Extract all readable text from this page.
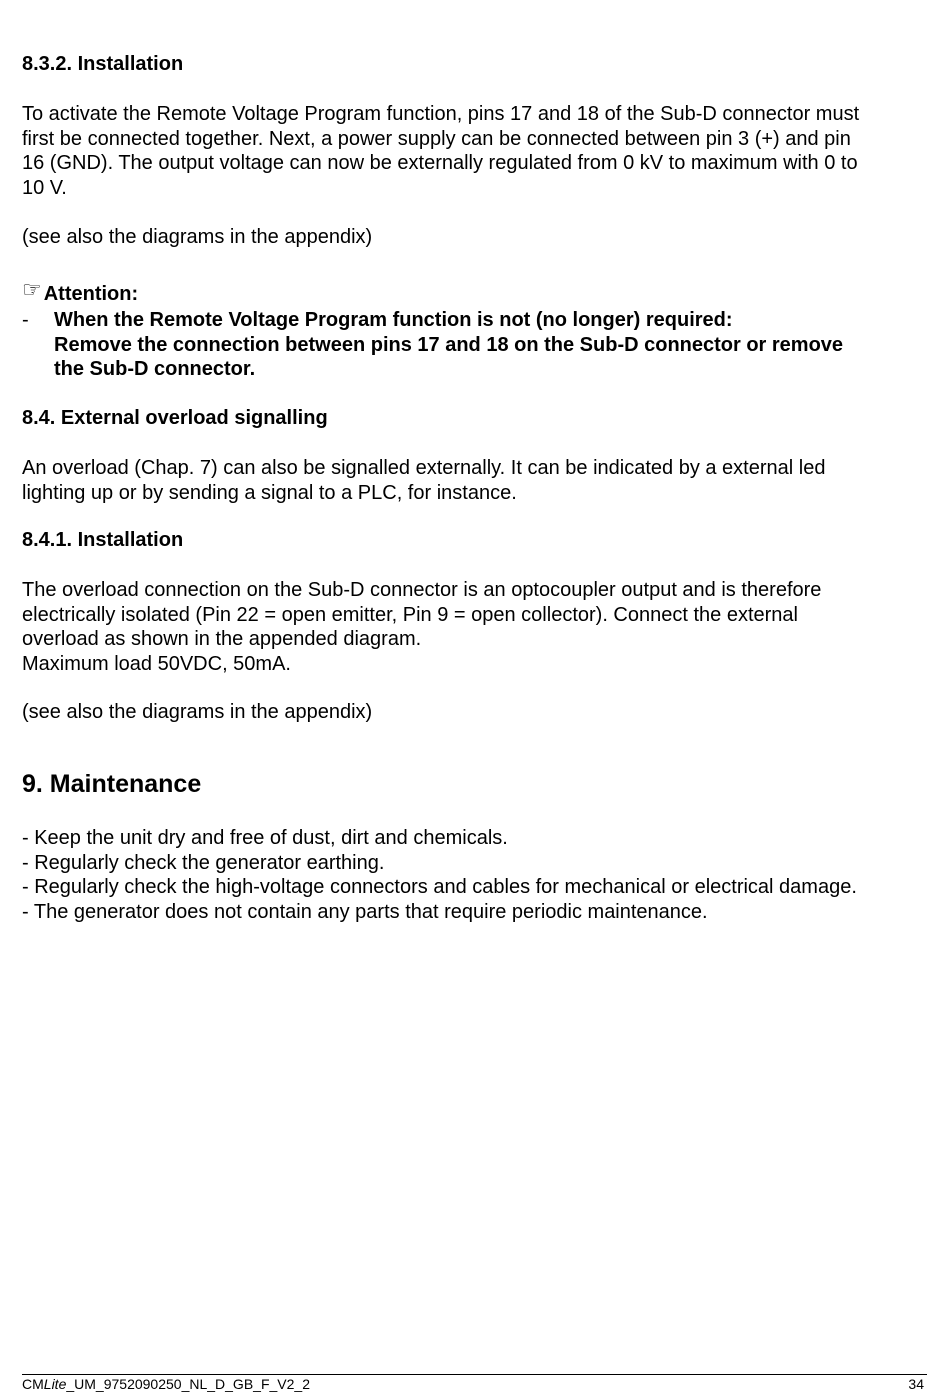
8.3.2. Installation
To activate the Remote Voltage Program function, pins 17 and 18 of the Sub-D connector must
first be connected together. Next, a power supply can be connected between pin 3 (+) and pin
16 (GND). The output voltage can now be externally regulated from 0 kV to maximum with 0 to
10 V.
(see also the diagrams in the appendix)
☞ Attention:
- When the Remote Voltage Program function is not (no longer) required:
Remove the connection between pins 17 and 18 on the Sub-D connector or remove
the Sub-D connector.
8.4. External overload signalling
An overload (Chap. 7) can also be signalled externally. It can be indicated by a external led
lighting up or by sending a signal to a PLC, for instance.
8.4.1. Installation
The overload connection on the Sub-D connector is an optocoupler output and is therefore
electrically isolated (Pin 22 = open emitter, Pin 9 = open collector). Connect the external
overload as shown in the appended diagram.
Maximum load 50VDC, 50mA.
(see also the diagrams in the appendix)
9. Maintenance
- Keep the unit dry and free of dust, dirt and chemicals.
- Regularly check the generator earthing.
- Regularly check the high-voltage connectors and cables for mechanical or electrical damage.
- The generator does not contain any parts that require periodic maintenance.
CMLite_UM_9752090250_NL_D_GB_F_V2_2	34
